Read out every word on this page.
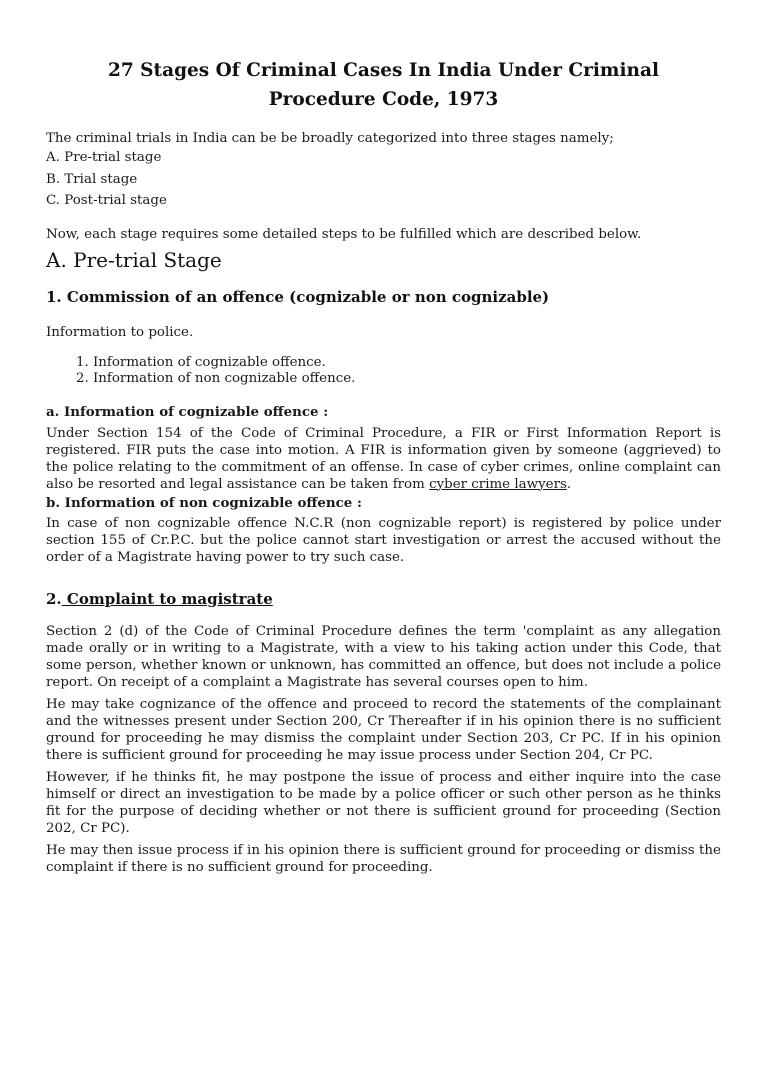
27 Stages Of Criminal Cases In India Under Criminal
Procedure Code, 1973

The criminal trials in India can be be broadly categorized into three stages namely;

A. Pre-trial stage
B. Trial stage
C. Post-trial stage

Now, each stage requires some detailed steps to be fulfilled which are described below.

A. Pre-trial Stage
1. Commission of an offence (cognizable or non cognizable)

Information to police.

1. Information of cognizable offence.
2. Information of non cognizable offence.
a. Information of cognizable offence :

Under Section 154 of the Code of Criminal Procedure, a FIR or First Information Report is registered. FIR puts the case into motion. A FIR is information given by someone (aggrieved) to the police relating to the commitment of an offense. In case of cyber crimes, online complaint can also be resorted and legal assistance can be taken from cyber crime lawyers.

b. Information of non cognizable offence :

In case of non cognizable offence N.C.R (non cognizable report) is registered by police under section 155 of Cr.P.C. but the police cannot start investigation or arrest the accused without the order of a Magistrate having power to try such case.

2. Complaint to magistrate

Section 2 (d) of the Code of Criminal Procedure defines the term 'complaint as any allegation made orally or in writing to a Magistrate, with a view to his taking action under this Code, that some person, whether known or unknown, has committed an offence, but does not include a police report. On receipt of a complaint a Magistrate has several courses open to him.

He may take cognizance of the offence and proceed to record the statements of the complainant and the witnesses present under Section 200, Cr Thereafter if in his opinion there is no sufficient ground for proceeding he may dismiss the complaint under Section 203, Cr PC. If in his opinion there is sufficient ground for proceeding he may issue process under Section 204, Cr PC.

However, if he thinks fit, he may postpone the issue of process and either inquire into the case himself or direct an investigation to be made by a police officer or such other person as he thinks fit for the purpose of deciding whether or not there is sufficient ground for proceeding (Section 202, Cr PC).

He may then issue process if in his opinion there is sufficient ground for proceeding or dismiss the complaint if there is no sufficient ground for proceeding.
